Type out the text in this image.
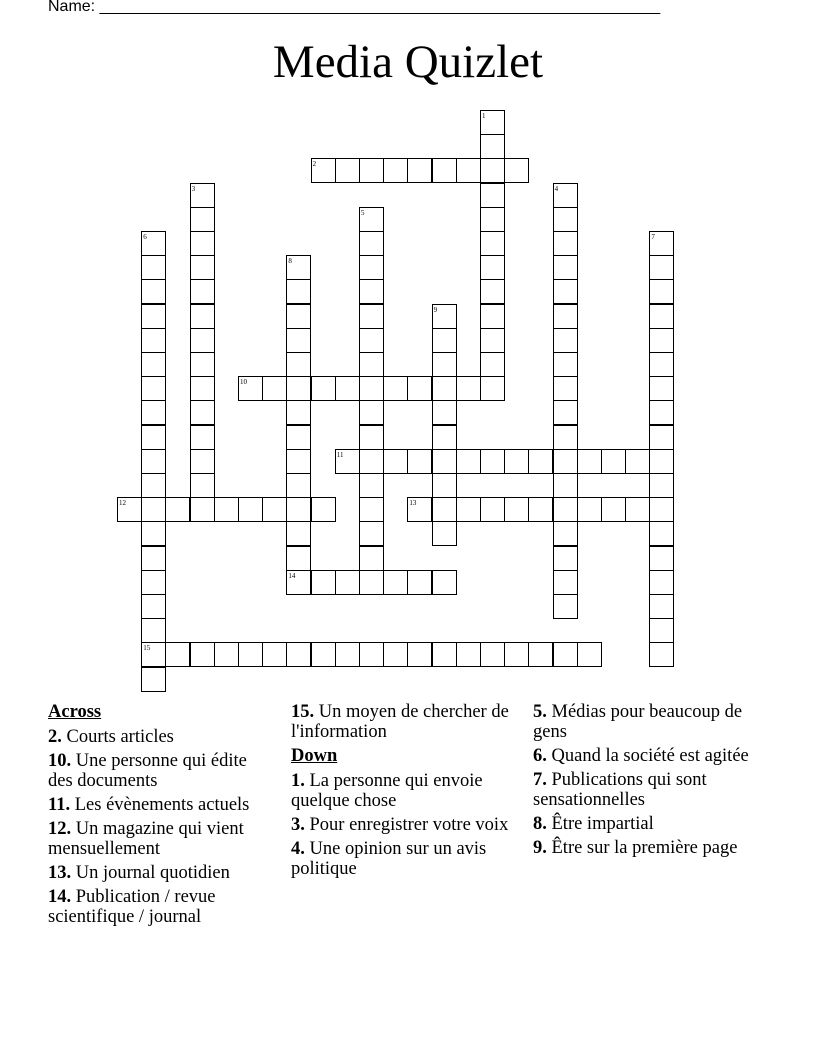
Name: _______________________________________________________________
Media Quizlet
1
2
3	4
5
6
15
7
8
14
9
10
11
12	13
Across
2. Courts articles
10. Une personne qui édite des documents
11. Les évènements actuels
12. Un magazine qui vient mensuellement
13. Un journal quotidien
14. Publication / revue scientifique / journal
15. Un moyen de chercher de l'information
Down
1. La personne qui envoie quelque chose
3. Pour enregistrer votre voix
4. Une opinion sur un avis politique
5. Médias pour beaucoup de gens
6. Quand la société est agitée
7. Publications qui sont sensationnelles
8. Être impartial
9. Être sur la première page
